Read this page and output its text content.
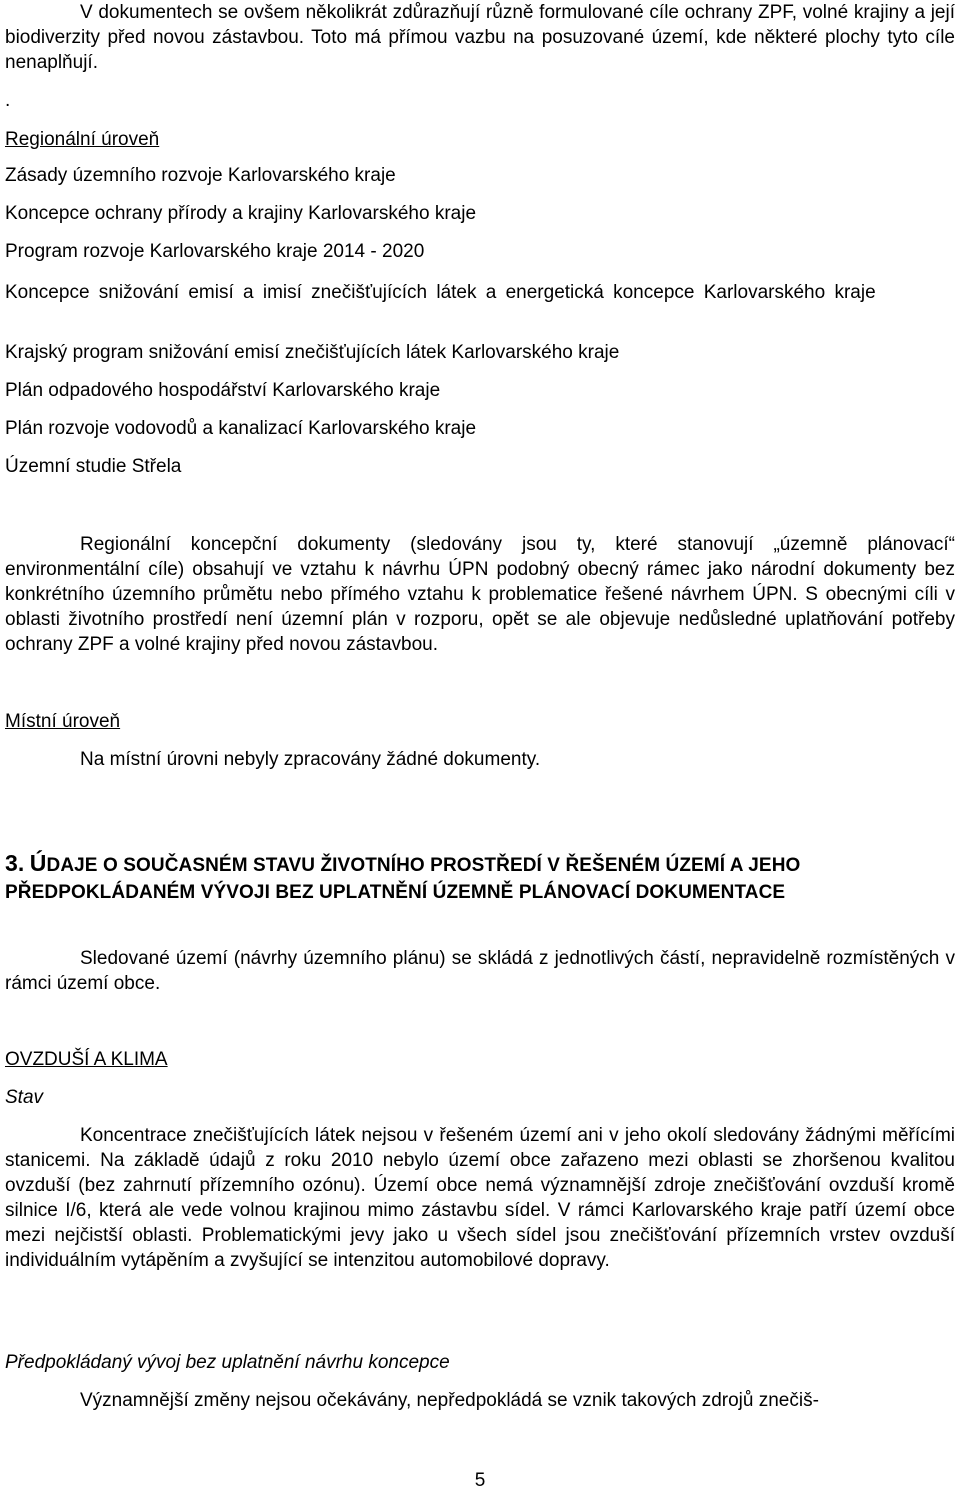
V dokumentech se ovšem několikrát zdůrazňují různě formulované cíle ochrany ZPF, volné krajiny a její biodiverzity před novou zástavbou. Toto má přímou vazbu na posuzované území, kde některé plochy tyto cíle nenaplňují.
.
Regionální úroveň
Zásady územního rozvoje Karlovarského kraje
Koncepce ochrany přírody a krajiny Karlovarského kraje
Program rozvoje Karlovarského kraje 2014 - 2020
Koncepce snižování emisí a imisí znečišťujících látek a energetická koncepce Karlovarského kraje
Krajský program snižování emisí znečišťujících látek Karlovarského kraje
Plán odpadového hospodářství Karlovarského kraje
Plán rozvoje vodovodů a kanalizací Karlovarského kraje
Územní studie Střela
Regionální koncepční dokumenty (sledovány jsou ty, které stanovují „územně plánovací“ environmentální cíle) obsahují ve vztahu k návrhu ÚPN podobný obecný rámec jako národní dokumenty bez konkrétního územního průmětu nebo přímého vztahu k problematice řešené návrhem ÚPN. S obecnými cíli v oblasti životního prostředí není územní plán v rozporu, opět se ale objevuje nedůsledné uplatňování potřeby ochrany ZPF a volné krajiny před novou zástavbou.
Místní úroveň
Na místní úrovni nebyly zpracovány žádné dokumenty.
3. ÚDAJE O SOUČASNÉM STAVU ŽIVOTNÍHO PROSTŘEDÍ V ŘEŠENÉM ÚZEMÍ A JEHO
PŘEDPOKLÁDANÉM VÝVOJI BEZ UPLATNĚNÍ ÚZEMNĚ PLÁNOVACÍ DOKUMENTACE
Sledované území (návrhy územního plánu) se skládá z jednotlivých částí, nepravidelně rozmístěných v rámci území obce.
OVZDUŠÍ A KLIMA
Stav
Koncentrace znečišťujících látek nejsou v řešeném území ani v jeho okolí sledovány žádnými měřícími stanicemi. Na základě údajů z roku 2010 nebylo území obce zařazeno mezi oblasti se zhoršenou kvalitou ovzduší (bez zahrnutí přízemního ozónu). Území obce nemá významnější zdroje znečišťování ovzduší kromě silnice I/6, která ale vede volnou krajinou mimo zástavbu sídel. V rámci Karlovarského kraje patří území obce mezi nejčistší oblasti. Problematickými jevy jako u všech sídel jsou znečišťování přízemních vrstev ovzduší individuálním vytápěním a zvyšující se intenzitou automobilové dopravy.
Předpokládaný vývoj bez uplatnění návrhu koncepce
Významnější změny nejsou očekávány, nepředpokládá se vznik takových zdrojů znečiš-
5
